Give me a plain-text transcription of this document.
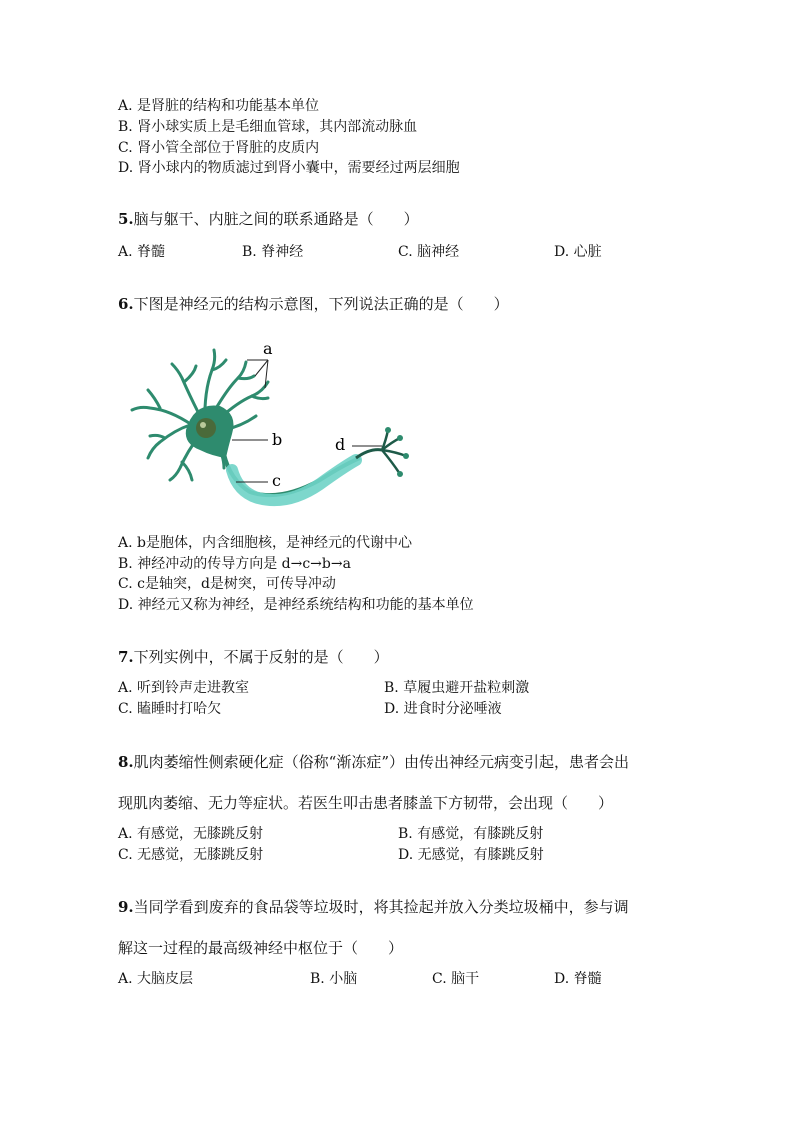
A. 是肾脏的结构和功能基本单位
B. 肾小球实质上是毛细血管球，其内部流动脉血
C. 肾小管全部位于肾脏的皮质内
D. 肾小球内的物质滤过到肾小囊中，需要经过两层细胞
5.脑与躯干、内脏之间的联系通路是（　　）
A. 脊髓	B. 脊神经	C. 脑神经	D. 心脏
6.下图是神经元的结构示意图，下列说法正确的是（　　）
a
b
c
d
A. b是胞体，内含细胞核，是神经元的代谢中心
B. 神经冲动的传导方向是 d→c→b→a
C. c是轴突，d是树突，可传导冲动
D. 神经元又称为神经，是神经系统结构和功能的基本单位
7.下列实例中，不属于反射的是（　　）
A. 听到铃声走进教室	B. 草履虫避开盐粒刺激
C. 瞌睡时打哈欠	D. 进食时分泌唾液
8.肌肉萎缩性侧索硬化症（俗称“渐冻症”）由传出神经元病变引起，患者会出
现肌肉萎缩、无力等症状。若医生叩击患者膝盖下方韧带，会出现（　　）
A. 有感觉，无膝跳反射	B. 有感觉，有膝跳反射
C. 无感觉，无膝跳反射	D. 无感觉，有膝跳反射
9.当同学看到废弃的食品袋等垃圾时，将其捡起并放入分类垃圾桶中，参与调
解这一过程的最高级神经中枢位于（　　）
A. 大脑皮层	B. 小脑	C. 脑干	D. 脊髓
